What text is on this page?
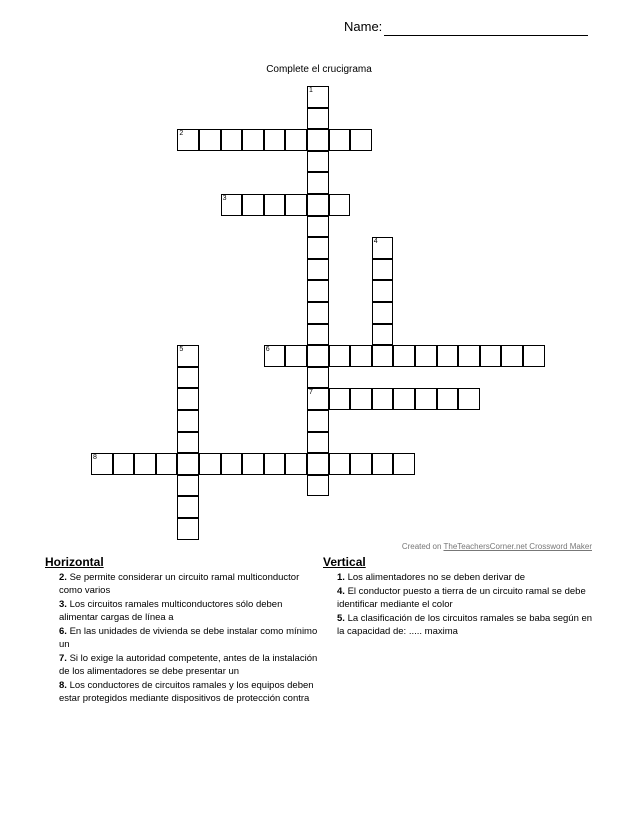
Name:
Complete el crucigrama
1
7
2
3
4
5	6
8
Created on TheTeachersCorner.net Crossword Maker
Horizontal
2. Se permite considerar un circuito ramal multiconductor como varios
3. Los circuitos ramales multiconductores sólo deben alimentar cargas de línea a
6. En las unidades de vivienda se debe instalar como mínimo un
7. Si lo exige la autoridad competente, antes de la instalación de los alimentadores se debe presentar un
8. Los conductores de circuitos ramales y los equipos deben estar protegidos mediante dispositivos de protección contra
Vertical
1. Los alimentadores no se deben derivar de
4. El conductor puesto a tierra de un circuito ramal se debe identificar mediante el color
5. La clasificación de los circuitos ramales se baba según en la capacidad de: ..... maxima
